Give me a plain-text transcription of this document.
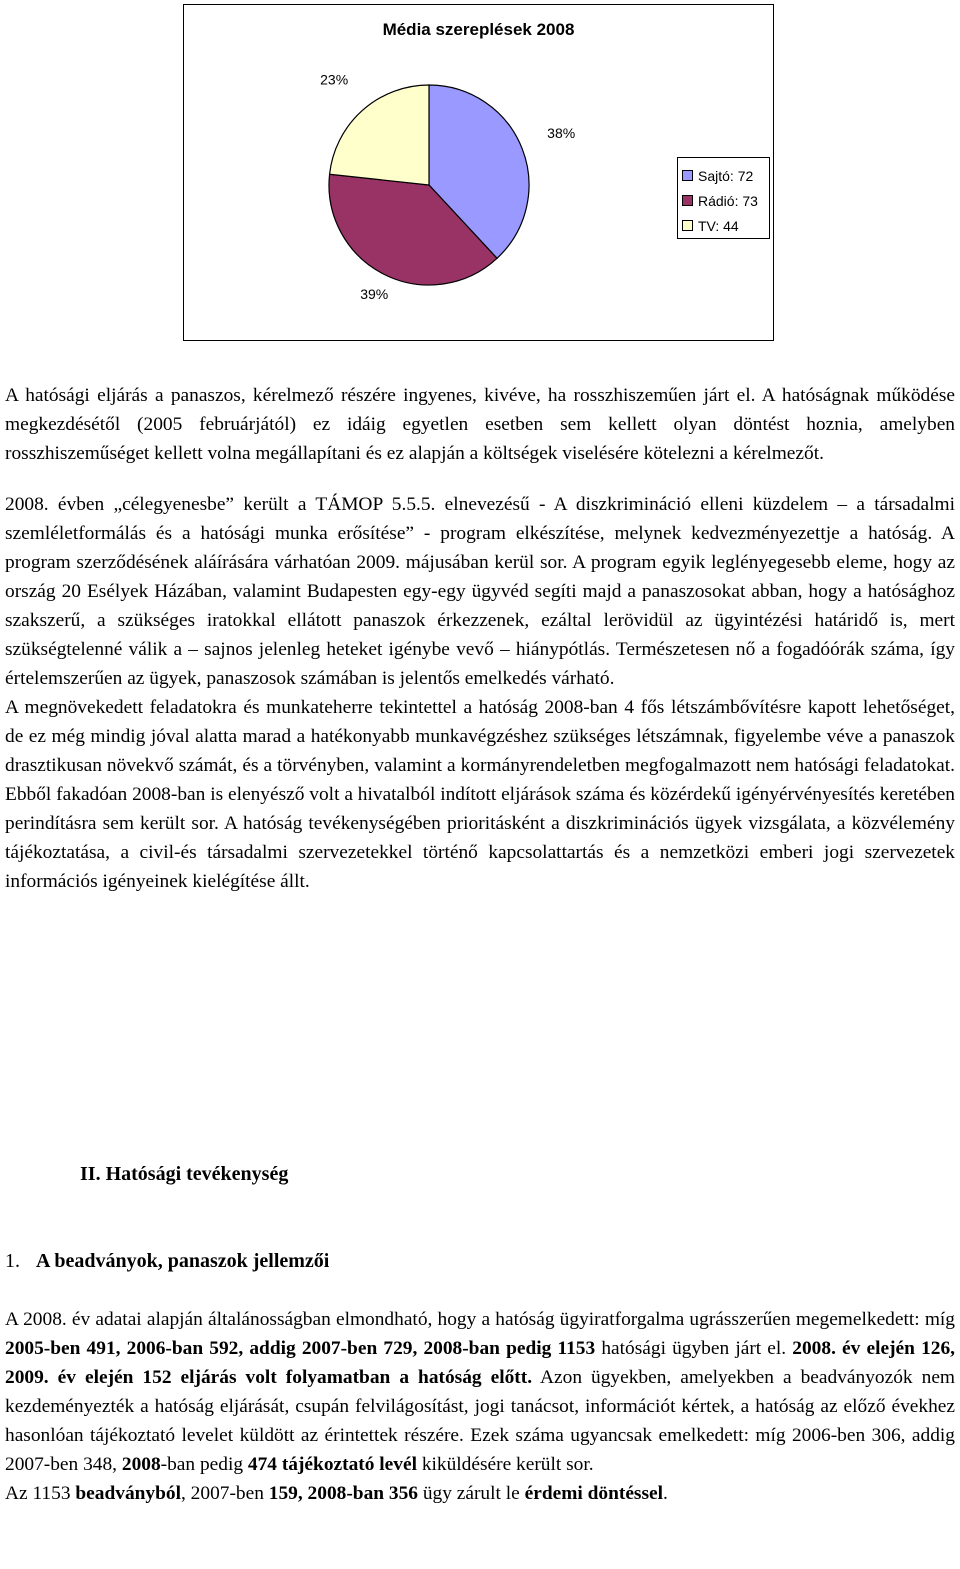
Média szereplések 2008
38%
39%
23%
Sajtó: 72
Rádió: 73
TV: 44

A hatósági eljárás a panaszos, kérelmező részére ingyenes, kivéve, ha rosszhiszeműen járt el. A hatóságnak működése megkezdésétől (2005 februárjától) ez idáig egyetlen esetben sem kellett olyan döntést hoznia, amelyben rosszhiszeműséget kellett volna megállapítani és ez alapján a költségek viselésére kötelezni a kérelmezőt.

2008. évben „célegyenesbe” került a TÁMOP 5.5.5. elnevezésű - A diszkrimináció elleni küzdelem – a társadalmi szemléletformálás és a hatósági munka erősítése” - program elkészítése, melynek kedvezményezettje a hatóság. A program szerződésének aláírására várhatóan 2009. májusában kerül sor. A program egyik leglényegesebb eleme, hogy az ország 20 Esélyek Házában, valamint Budapesten egy-egy ügyvéd segíti majd a panaszosokat abban, hogy a hatósághoz szakszerű, a szükséges iratokkal ellátott panaszok érkezzenek, ezáltal lerövidül az ügyintézési határidő is, mert szükségtelenné válik a – sajnos jelenleg heteket igénybe vevő – hiánypótlás. Természetesen nő a fogadóórák száma, így értelemszerűen az ügyek, panaszosok számában is jelentős emelkedés várható.

A megnövekedett feladatokra és munkateherre tekintettel a hatóság 2008-ban 4 fős létszámbővítésre kapott lehetőséget, de ez még mindig jóval alatta marad a hatékonyabb munkavégzéshez szükséges létszámnak, figyelembe véve a panaszok drasztikusan növekvő számát, és a törvényben, valamint a kormányrendeletben megfogalmazott nem hatósági feladatokat. Ebből fakadóan 2008-ban is elenyésző volt a hivatalból indított eljárások száma és közérdekű igényérvényesítés keretében perindításra sem került sor. A hatóság tevékenységében prioritásként a diszkriminációs ügyek vizsgálata, a közvélemény tájékoztatása, a civil-és társadalmi szervezetekkel történő kapcsolattartás és a nemzetközi emberi jogi szervezetek információs igényeinek kielégítése állt.

II. Hatósági tevékenység
1. A beadványok, panaszok jellemzői

A 2008. év adatai alapján általánosságban elmondható, hogy a hatóság ügyiratforgalma ugrásszerűen megemelkedett: míg 2005-ben 491, 2006-ban 592, addig 2007-ben 729, 2008-ban pedig 1153 hatósági ügyben járt el. 2008. év elején 126, 2009. év elején 152 eljárás volt folyamatban a hatóság előtt. Azon ügyekben, amelyekben a beadványozók nem kezdeményezték a hatóság eljárását, csupán felvilágosítást, jogi tanácsot, információt kértek, a hatóság az előző évekhez hasonlóan tájékoztató levelet küldött az érintettek részére. Ezek száma ugyancsak emelkedett: míg 2006-ben 306, addig 2007-ben 348, 2008-ban pedig 474 tájékoztató levél kiküldésére került sor.

Az 1153 beadványból, 2007-ben 159, 2008-ban 356 ügy zárult le érdemi döntéssel.
